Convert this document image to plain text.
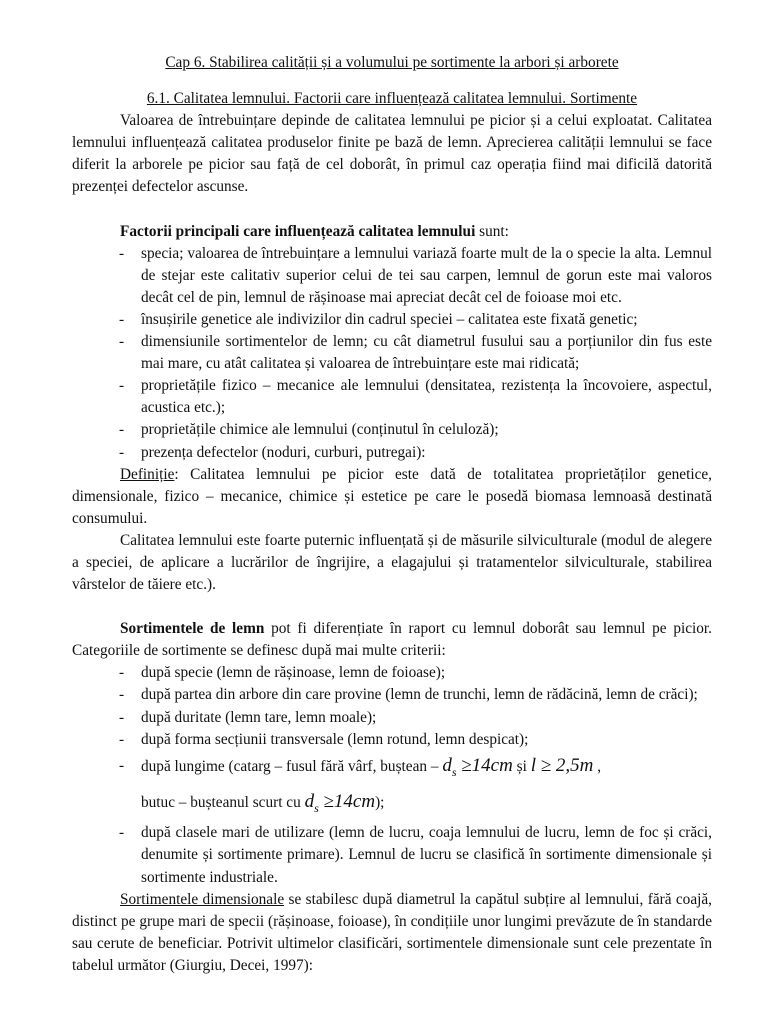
Cap 6. Stabilirea calității și a volumului pe sortimente la arbori și arborete

6.1. Calitatea lemnului. Factorii care influențează calitatea lemnului. Sortimente

Valoarea de întrebuințare depinde de calitatea lemnului pe picior și a celui exploatat. Calitatea lemnului influențează calitatea produselor finite pe bază de lemn. Aprecierea calității lemnului se face diferit la arborele pe picior sau față de cel doborât, în primul caz operația fiind mai dificilă datorită prezenței defectelor ascunse.

Factorii principali care influențează calitatea lemnului sunt:

- specia; valoarea de întrebuințare a lemnului variază foarte mult de la o specie la alta. Lemnul de stejar este calitativ superior celui de tei sau carpen, lemnul de gorun este mai valoros decât cel de pin, lemnul de rășinoase mai apreciat decât cel de foioase moi etc.
- însușirile genetice ale indivizilor din cadrul speciei – calitatea este fixată genetic;
- dimensiunile sortimentelor de lemn; cu cât diametrul fusului sau a porțiunilor din fus este mai mare, cu atât calitatea și valoarea de întrebuințare este mai ridicată;
- proprietățile fizico – mecanice ale lemnului (densitatea, rezistența la încovoiere, aspectul, acustica etc.);
- proprietățile chimice ale lemnului (conținutul în celuloză);
- prezența defectelor (noduri, curburi, putregai):

Definiție: Calitatea lemnului pe picior este dată de totalitatea proprietăților genetice, dimensionale, fizico – mecanice, chimice și estetice pe care le posedă biomasa lemnoasă destinată consumului.

Calitatea lemnului este foarte puternic influențată și de măsurile silviculturale (modul de alegere a speciei, de aplicare a lucrărilor de îngrijire, a elagajului și tratamentelor silviculturale, stabilirea vârstelor de tăiere etc.).

Sortimentele de lemn pot fi diferențiate în raport cu lemnul doborât sau lemnul pe picior. Categoriile de sortimente se definesc după mai multe criterii:

- după specie (lemn de rășinoase, lemn de foioase);
- după partea din arbore din care provine (lemn de trunchi, lemn de rădăcină, lemn de crăci);
- după duritate (lemn tare, lemn moale);
- după forma secțiunii transversale (lemn rotund, lemn despicat);
- după lungime (catarg – fusul fără vârf, buștean – $d_s \ge 14cm$ și l ≥ 2,5m ,
butuc – bușteanul scurt cu $d_s \ge 14cm$);
- după clasele mari de utilizare (lemn de lucru, coaja lemnului de lucru, lemn de foc și crăci, denumite și sortimente primare). Lemnul de lucru se clasifică în sortimente dimensionale și sortimente industriale.

Sortimentele dimensionale se stabilesc după diametrul la capătul subțire al lemnului, fără coajă, distinct pe grupe mari de specii (rășinoase, foioase), în condițiile unor lungimi prevăzute de în standarde sau cerute de beneficiar. Potrivit ultimelor clasificări, sortimentele dimensionale sunt cele prezentate în tabelul următor (Giurgiu, Decei, 1997):
